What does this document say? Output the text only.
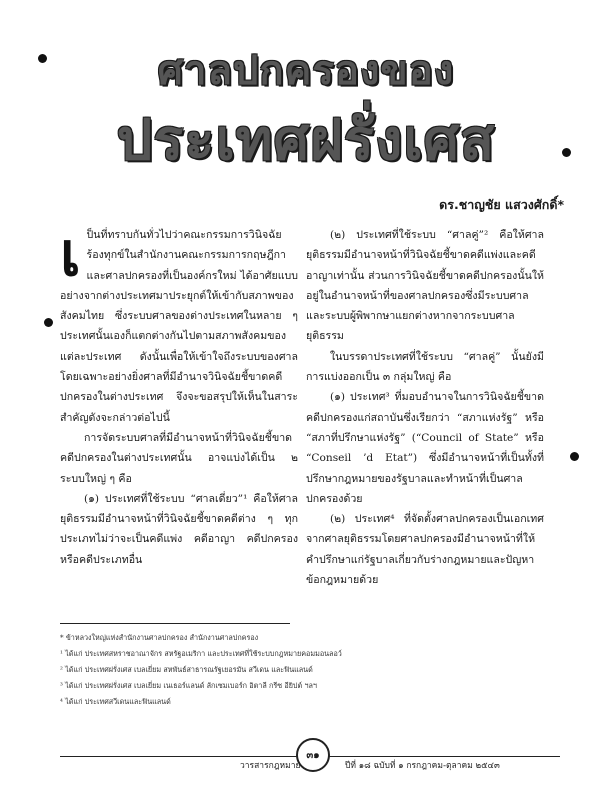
ศาลปกครองของ
ประเทศฝรั่งเศส
ดร.ชาญชัย แสวงศักดิ์*

เป็นที่ทราบกันทั่วไปว่าคณะกรรมการวินิจฉัยร้องทุกข์ในสำนักงานคณะกรรมการกฤษฎีกาและศาลปกครองที่เป็นองค์กรใหม่ ได้อาศัยแบบอย่างจากต่างประเทศมาประยุกต์ให้เข้ากับสภาพของสังคมไทย ซึ่งระบบศาลของต่างประเทศในหลาย ๆ ประเทศนั้นเองก็แตกต่างกันไปตามสภาพสังคมของแต่ละประเทศ ดังนั้นเพื่อให้เข้าใจถึงระบบของศาลโดยเฉพาะอย่างยิ่งศาลที่มีอำนาจวินิจฉัยชี้ขาดคดีปกครองในต่างประเทศ จึงจะขอสรุปให้เห็นในสาระสำคัญดังจะกล่าวต่อไปนี้

การจัดระบบศาลที่มีอำนาจหน้าที่วินิจฉัยชี้ขาดคดีปกครองในต่างประเทศนั้น อาจแบ่งได้เป็น ๒ ระบบใหญ่ ๆ คือ

(๑) ประเทศที่ใช้ระบบ “ศาลเดี่ยว”¹ คือให้ศาลยุติธรรมมีอำนาจหน้าที่วินิจฉัยชี้ขาดคดีต่าง ๆ ทุกประเภทไม่ว่าจะเป็นคดีแพ่ง คดีอาญา คดีปกครอง หรือคดีประเภทอื่น

(๒) ประเทศที่ใช้ระบบ “ศาลคู่”² คือให้ศาลยุติธรรมมีอำนาจหน้าที่วินิจฉัยชี้ขาดคดีแพ่งและคดีอาญาเท่านั้น ส่วนการวินิจฉัยชี้ขาดคดีปกครองนั้นให้อยู่ในอำนาจหน้าที่ของศาลปกครองซึ่งมีระบบศาลและระบบผู้พิพากษาแยกต่างหากจากระบบศาลยุติธรรม

ในบรรดาประเทศที่ใช้ระบบ “ศาลคู่” นั้นยังมีการแบ่งออกเป็น ๓ กลุ่มใหญ่ คือ

(๑) ประเทศ³ ที่มอบอำนาจในการวินิจฉัยชี้ขาดคดีปกครองแก่สถาบันซึ่งเรียกว่า “สภาแห่งรัฐ” หรือ “สภาที่ปรึกษาแห่งรัฐ” (“Council of State” หรือ “Conseil ’d Etat”) ซึ่งมีอำนาจหน้าที่เป็นทั้งที่ปรึกษากฎหมายของรัฐบาลและทำหน้าที่เป็นศาลปกครองด้วย

(๒) ประเทศ⁴ ที่จัดตั้งศาลปกครองเป็นเอกเทศจากศาลยุติธรรมโดยศาลปกครองมีอำนาจหน้าที่ให้คำปรึกษาแก่รัฐบาลเกี่ยวกับร่างกฎหมายและปัญหาข้อกฎหมายด้วย

* ข้าหลวงใหญ่แห่งสำนักงานศาลปกครอง สำนักงานศาลปกครอง
¹ ได้แก่ ประเทศสหราชอาณาจักร สหรัฐอเมริกา และประเทศที่ใช้ระบบกฎหมายคอมมอนลอว์
² ได้แก่ ประเทศฝรั่งเศส เบลเยี่ยม สหพันธ์สาธารณรัฐเยอรมัน สวีเดน และฟินแลนด์
³ ได้แก่ ประเทศฝรั่งเศส เบลเยี่ยม เนเธอร์แลนด์ ลักเซมเบอร์ก อิตาลี กรีซ อียิปต์ ฯลฯ
⁴ ได้แก่ ประเทศสวีเดนและฟินแลนด์
๓๑
วารสารกฎหมาย	ปีที่ ๑๘ ฉบับที่ ๑ กรกฎาคม-ตุลาคม ๒๕๔๓
